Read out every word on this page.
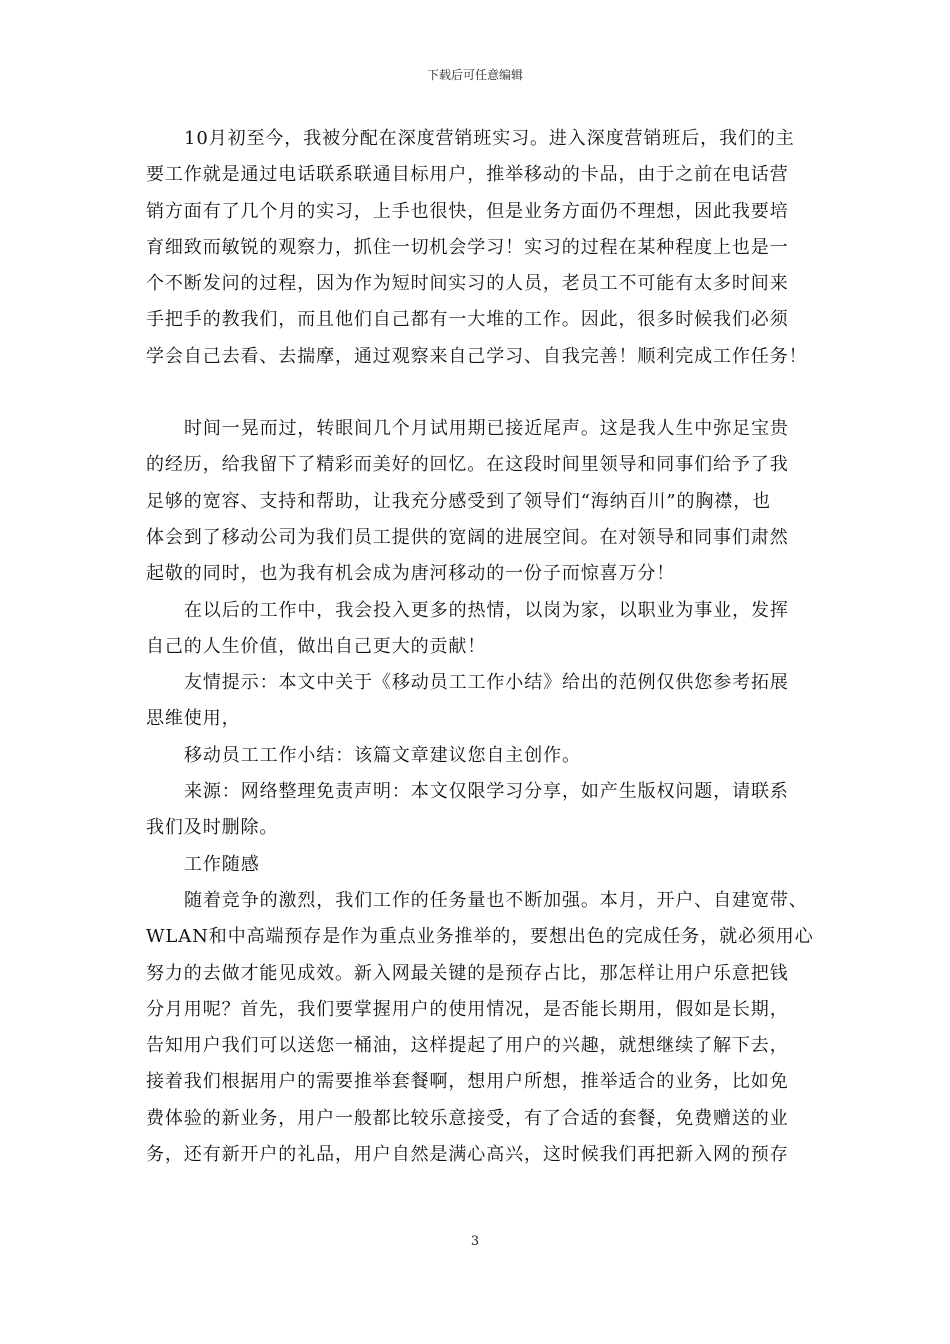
下载后可任意编辑

10月初至今，我被分配在深度营销班实习。进入深度营销班后，我们的主
要工作就是通过电话联系联通目标用户，推举移动的卡品，由于之前在电话营
销方面有了几个月的实习，上手也很快，但是业务方面仍不理想，因此我要培
育细致而敏锐的观察力，抓住一切机会学习！实习的过程在某种程度上也是一
个不断发问的过程，因为作为短时间实习的人员，老员工不可能有太多时间来
手把手的教我们，而且他们自己都有一大堆的工作。因此，很多时候我们必须
学会自己去看、去揣摩，通过观察来自己学习、自我完善！顺利完成工作任务！

时间一晃而过，转眼间几个月试用期已接近尾声。这是我人生中弥足宝贵
的经历，给我留下了精彩而美好的回忆。在这段时间里领导和同事们给予了我
足够的宽容、支持和帮助，让我充分感受到了领导们“海纳百川”的胸襟，也
体会到了移动公司为我们员工提供的宽阔的进展空间。在对领导和同事们肃然
起敬的同时，也为我有机会成为唐河移动的一份子而惊喜万分！

在以后的工作中，我会投入更多的热情，以岗为家，以职业为事业，发挥
自己的人生价值，做出自己更大的贡献！

友情提示：本文中关于《移动员工工作小结》给出的范例仅供您参考拓展
思维使用，

移动员工工作小结：该篇文章建议您自主创作。

来源：网络整理免责声明：本文仅限学习分享，如产生版权问题，请联系
我们及时删除。

工作随感

随着竞争的激烈，我们工作的任务量也不断加强。本月，开户、自建宽带、
WLAN和中高端预存是作为重点业务推举的，要想出色的完成任务，就必须用心
努力的去做才能见成效。新入网最关键的是预存占比，那怎样让用户乐意把钱
分月用呢？首先，我们要掌握用户的使用情况，是否能长期用，假如是长期，
告知用户我们可以送您一桶油，这样提起了用户的兴趣，就想继续了解下去，
接着我们根据用户的需要推举套餐啊，想用户所想，推举适合的业务，比如免
费体验的新业务，用户一般都比较乐意接受，有了合适的套餐，免费赠送的业
务，还有新开户的礼品，用户自然是满心高兴，这时候我们再把新入网的预存

3
